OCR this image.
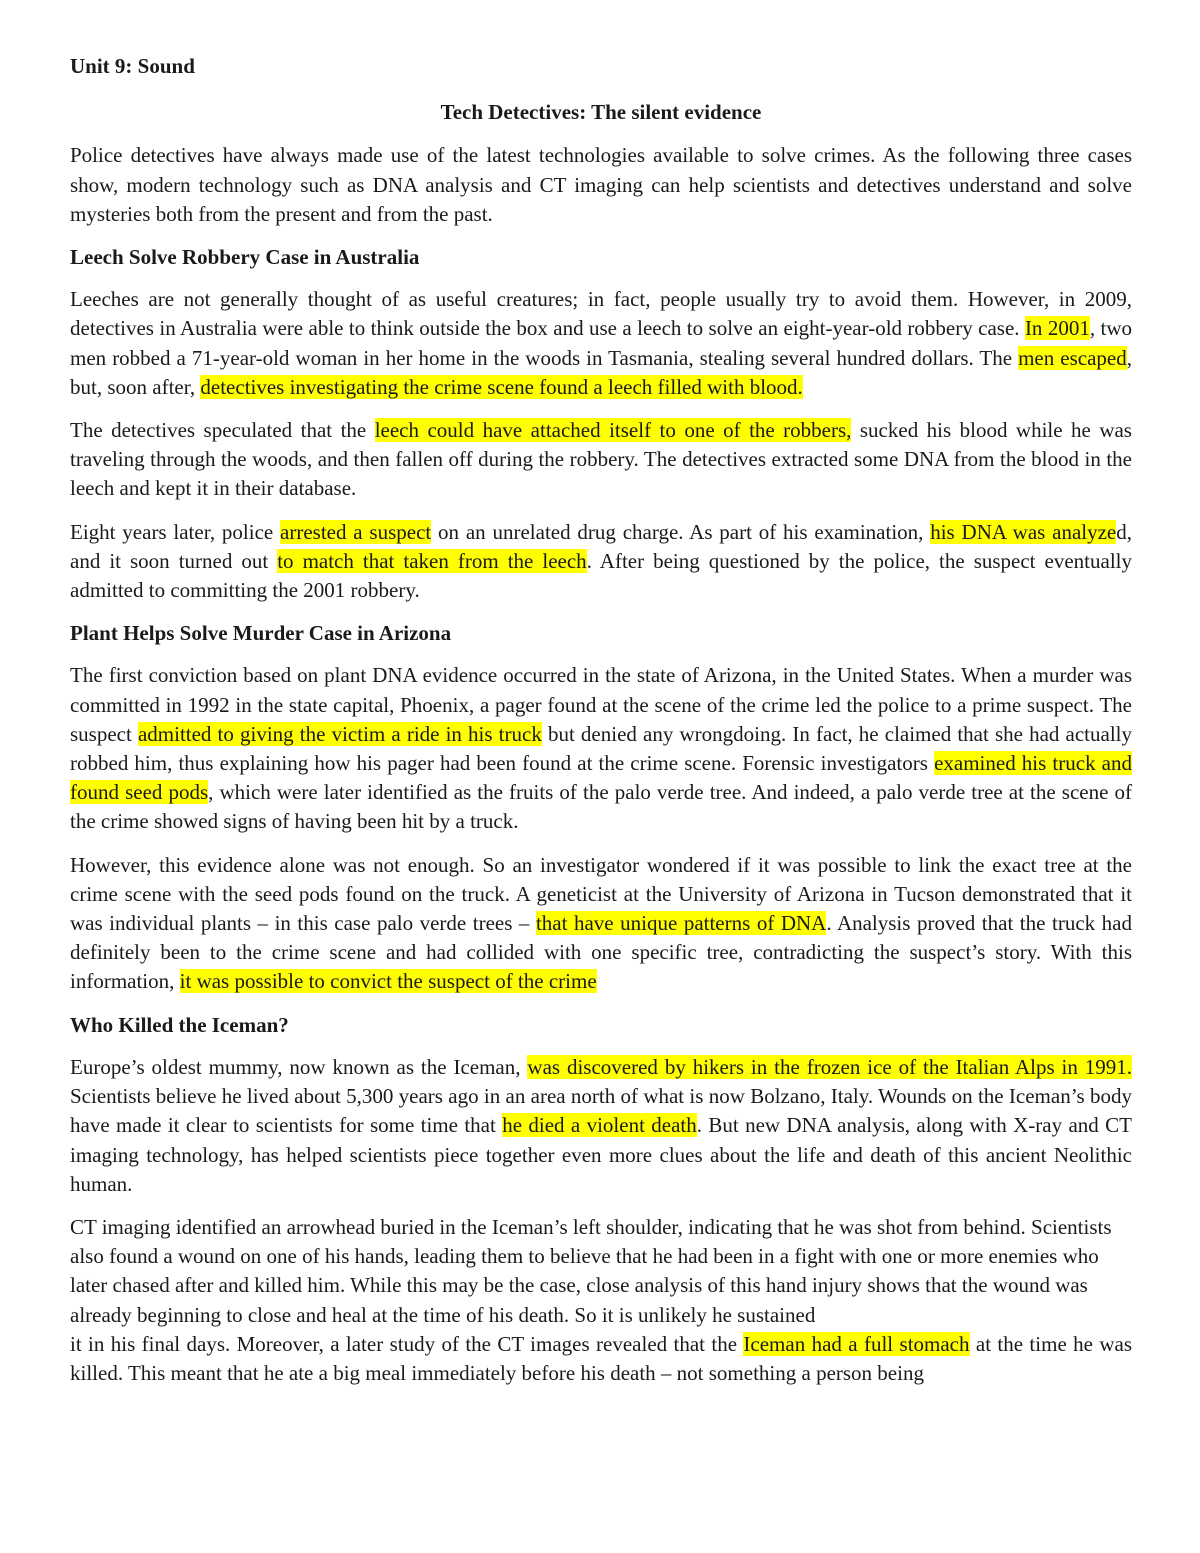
Unit 9: Sound
Tech Detectives: The silent evidence

Police detectives have always made use of the latest technologies available to solve crimes. As the following three cases show, modern technology such as DNA analysis and CT imaging can help scientists and detectives understand and solve mysteries both from the present and from the past.

Leech Solve Robbery Case in Australia

Leeches are not generally thought of as useful creatures; in fact, people usually try to avoid them. However, in 2009, detectives in Australia were able to think outside the box and use a leech to solve an eight-year-old robbery case. In 2001, two men robbed a 71-year-old woman in her home in the woods in Tasmania, stealing several hundred dollars. The men escaped, but, soon after, detectives investigating the crime scene found a leech filled with blood.

The detectives speculated that the leech could have attached itself to one of the robbers, sucked his blood while he was traveling through the woods, and then fallen off during the robbery. The detectives extracted some DNA from the blood in the leech and kept it in their database.

Eight years later, police arrested a suspect on an unrelated drug charge. As part of his examination, his DNA was analyzed, and it soon turned out to match that taken from the leech. After being questioned by the police, the suspect eventually admitted to committing the 2001 robbery.

Plant Helps Solve Murder Case in Arizona

The first conviction based on plant DNA evidence occurred in the state of Arizona, in the United States. When a murder was committed in 1992 in the state capital, Phoenix, a pager found at the scene of the crime led the police to a prime suspect. The suspect admitted to giving the victim a ride in his truck but denied any wrongdoing. In fact, he claimed that she had actually robbed him, thus explaining how his pager had been found at the crime scene. Forensic investigators examined his truck and found seed pods, which were later identified as the fruits of the palo verde tree. And indeed, a palo verde tree at the scene of the crime showed signs of having been hit by a truck.

However, this evidence alone was not enough. So an investigator wondered if it was possible to link the exact tree at the crime scene with the seed pods found on the truck. A geneticist at the University of Arizona in Tucson demonstrated that it was individual plants – in this case palo verde trees – that have unique patterns of DNA. Analysis proved that the truck had definitely been to the crime scene and had collided with one specific tree, contradicting the suspect’s story. With this information, it was possible to convict the suspect of the crime

Who Killed the Iceman?

Europe’s oldest mummy, now known as the Iceman, was discovered by hikers in the frozen ice of the Italian Alps in 1991. Scientists believe he lived about 5,300 years ago in an area north of what is now Bolzano, Italy. Wounds on the Iceman’s body have made it clear to scientists for some time that he died a violent death. But new DNA analysis, along with X-ray and CT imaging technology, has helped scientists piece together even more clues about the life and death of this ancient Neolithic human.

CT imaging identified an arrowhead buried in the Iceman’s left shoulder, indicating that he was shot from behind. Scientists also found a wound on one of his hands, leading them to believe that he had been in a fight with one or more enemies who later chased after and killed him. While this may be the case, close analysis of this hand injury shows that the wound was already beginning to close and heal at the time of his death. So it is unlikely he sustained

it in his final days. Moreover, a later study of the CT images revealed that the Iceman had a full stomach at the time he was killed. This meant that he ate a big meal immediately before his death – not something a person being
